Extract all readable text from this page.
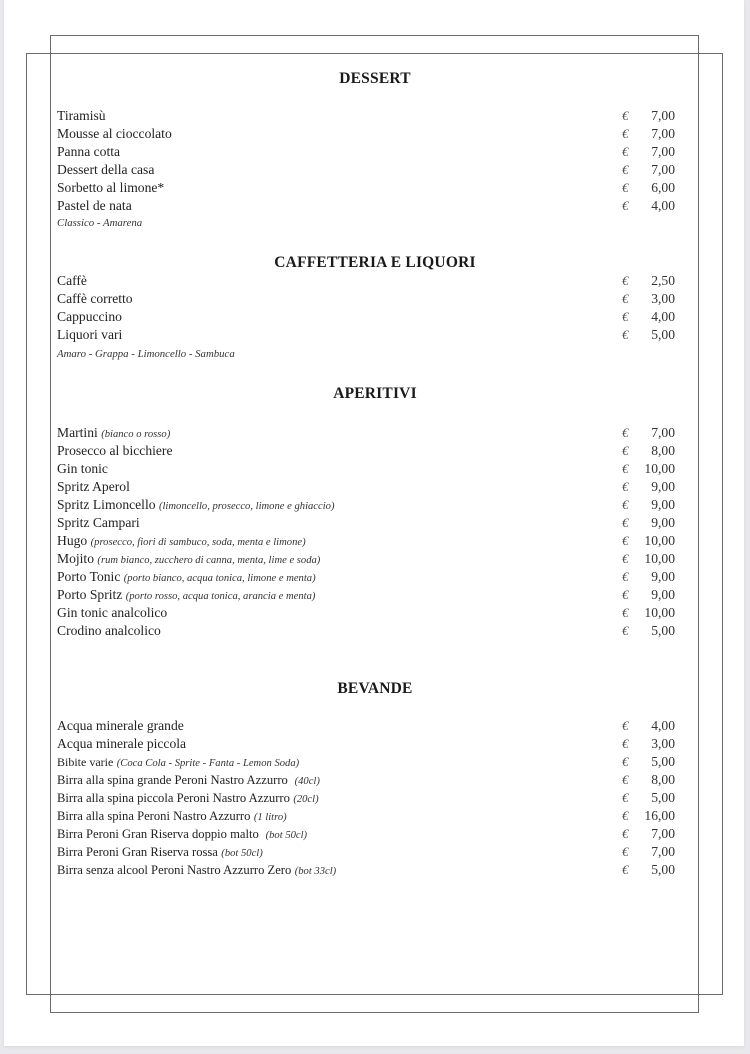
DESSERT
Tiramisù	€	7,00
Mousse al cioccolato	€	7,00
Panna cotta	€	7,00
Dessert della casa	€	7,00
Sorbetto al limone*	€	6,00
Pastel de nata	€	4,00
Classico - Amarena
CAFFETTERIA E LIQUORI
Caffè	€	2,50
Caffè corretto	€	3,00
Cappuccino	€	4,00
Liquori vari	€	5,00
Amaro - Grappa - Limoncello - Sambuca
APERITIVI
Martini (bianco o rosso)	€	7,00
Prosecco al bicchiere	€	8,00
Gin tonic	€	10,00
Spritz Aperol	€	9,00
Spritz Limoncello (limoncello, prosecco, limone e ghiaccio)	€	9,00
Spritz Campari	€	9,00
Hugo (prosecco, fiori di sambuco, soda, menta e limone)	€	10,00
Mojito (rum bianco, zucchero di canna, menta, lime e soda)	€	10,00
Porto Tonic (porto bianco, acqua tonica, limone e menta)	€	9,00
Porto Spritz (porto rosso, acqua tonica, arancia e menta)	€	9,00
Gin tonic analcolico	€	10,00
Crodino analcolico	€	5,00
BEVANDE
Acqua minerale grande	€	4,00
Acqua minerale piccola	€	3,00
Bibite varie (Coca Cola - Sprite - Fanta - Lemon Soda)	€	5,00
Birra alla spina grande Peroni Nastro Azzurro (40cl)	€	8,00
Birra alla spina piccola Peroni Nastro Azzurro (20cl)	€	5,00
Birra alla spina Peroni Nastro Azzurro (1 litro)	€	16,00
Birra Peroni Gran Riserva doppio malto (bot 50cl)	€	7,00
Birra Peroni Gran Riserva rossa (bot 50cl)	€	7,00
Birra senza alcool Peroni Nastro Azzurro Zero (bot 33cl)	€	5,00
